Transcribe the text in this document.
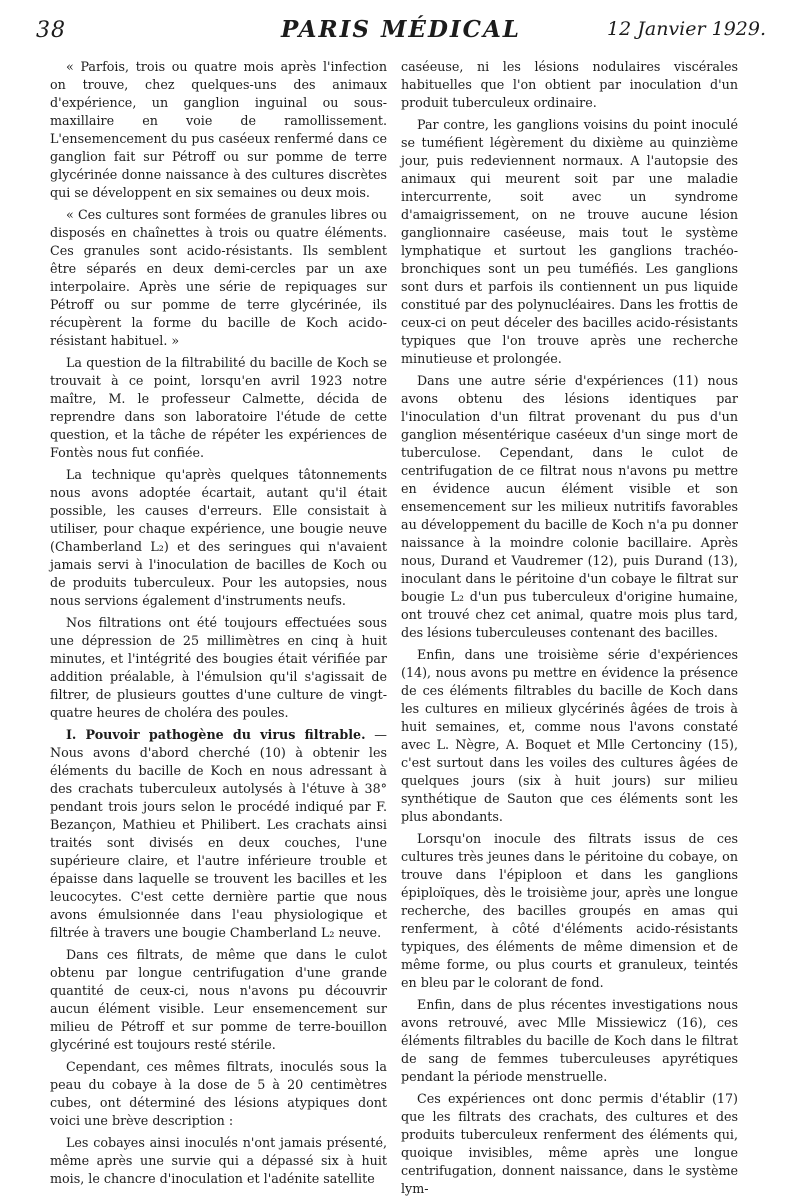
38	PARIS MÉDICAL	12 Janvier 1929.

« Parfois, trois ou quatre mois après l'infection on trouve, chez quelques-uns des animaux d'expérience, un ganglion inguinal ou sous-maxillaire en voie de ramollissement. L'ensemencement du pus caséeux renfermé dans ce ganglion fait sur Pétroff ou sur pomme de terre glycérinée donne naissance à des cultures discrètes qui se développent en six semaines ou deux mois.

« Ces cultures sont formées de granules libres ou disposés en chaînettes à trois ou quatre éléments. Ces granules sont acido-résistants. Ils semblent être séparés en deux demi-cercles par un axe interpolaire. Après une série de repiquages sur Pétroff ou sur pomme de terre glycérinée, ils récupèrent la forme du bacille de Koch acido-résistant habituel. »

La question de la filtrabilité du bacille de Koch se trouvait à ce point, lorsqu'en avril 1923 notre maître, M. le professeur Calmette, décida de reprendre dans son laboratoire l'étude de cette question, et la tâche de répéter les expériences de Fontès nous fut confiée.

La technique qu'après quelques tâtonnements nous avons adoptée écartait, autant qu'il était possible, les causes d'erreurs. Elle consistait à utiliser, pour chaque expérience, une bougie neuve (Chamberland L₂) et des seringues qui n'avaient jamais servi à l'inoculation de bacilles de Koch ou de produits tuberculeux. Pour les autopsies, nous nous servions également d'instruments neufs.

Nos filtrations ont été toujours effectuées sous une dépression de 25 millimètres en cinq à huit minutes, et l'intégrité des bougies était vérifiée par addition préalable, à l'émulsion qu'il s'agissait de filtrer, de plusieurs gouttes d'une culture de vingt-quatre heures de choléra des poules.

I. Pouvoir pathogène du virus filtrable. — Nous avons d'abord cherché (10) à obtenir les éléments du bacille de Koch en nous adressant à des crachats tuberculeux autolysés à l'étuve à 38° pendant trois jours selon le procédé indiqué par F. Bezançon, Mathieu et Philibert. Les crachats ainsi traités sont divisés en deux couches, l'une supérieure claire, et l'autre inférieure trouble et épaisse dans laquelle se trouvent les bacilles et les leucocytes. C'est cette dernière partie que nous avons émulsionnée dans l'eau physiologique et filtrée à travers une bougie Chamberland L₂ neuve.

Dans ces filtrats, de même que dans le culot obtenu par longue centrifugation d'une grande quantité de ceux-ci, nous n'avons pu découvrir aucun élément visible. Leur ensemencement sur milieu de Pétroff et sur pomme de terre-bouillon glycériné est toujours resté stérile.

Cependant, ces mêmes filtrats, inoculés sous la peau du cobaye à la dose de 5 à 20 centimètres cubes, ont déterminé des lésions atypiques dont voici une brève description :

Les cobayes ainsi inoculés n'ont jamais présenté, même après une survie qui a dépassé six à huit mois, le chancre d'inoculation et l'adénite satellite

caséeuse, ni les lésions nodulaires viscérales habituelles que l'on obtient par inoculation d'un produit tuberculeux ordinaire.

Par contre, les ganglions voisins du point inoculé se tuméfient légèrement du dixième au quinzième jour, puis redeviennent normaux. A l'autopsie des animaux qui meurent soit par une maladie intercurrente, soit avec un syndrome d'amaigrissement, on ne trouve aucune lésion ganglionnaire caséeuse, mais tout le système lymphatique et surtout les ganglions trachéo-bronchiques sont un peu tuméfiés. Les ganglions sont durs et parfois ils contiennent un pus liquide constitué par des polynucléaires. Dans les frottis de ceux-ci on peut déceler des bacilles acido-résistants typiques que l'on trouve après une recherche minutieuse et prolongée.

Dans une autre série d'expériences (11) nous avons obtenu des lésions identiques par l'inoculation d'un filtrat provenant du pus d'un ganglion mésentérique caséeux d'un singe mort de tuberculose. Cependant, dans le culot de centrifugation de ce filtrat nous n'avons pu mettre en évidence aucun élément visible et son ensemencement sur les milieux nutritifs favorables au développement du bacille de Koch n'a pu donner naissance à la moindre colonie bacillaire. Après nous, Durand et Vaudremer (12), puis Durand (13), inoculant dans le péritoine d'un cobaye le filtrat sur bougie L₂ d'un pus tuberculeux d'origine humaine, ont trouvé chez cet animal, quatre mois plus tard, des lésions tuberculeuses contenant des bacilles.

Enfin, dans une troisième série d'expériences (14), nous avons pu mettre en évidence la présence de ces éléments filtrables du bacille de Koch dans les cultures en milieux glycérinés âgées de trois à huit semaines, et, comme nous l'avons constaté avec L. Nègre, A. Boquet et Mlle Certonciny (15), c'est surtout dans les voiles des cultures âgées de quelques jours (six à huit jours) sur milieu synthétique de Sauton que ces éléments sont les plus abondants.

Lorsqu'on inocule des filtrats issus de ces cultures très jeunes dans le péritoine du cobaye, on trouve dans l'épiploon et dans les ganglions épiploïques, dès le troisième jour, après une longue recherche, des bacilles groupés en amas qui renferment, à côté d'éléments acido-résistants typiques, des éléments de même dimension et de même forme, ou plus courts et granuleux, teintés en bleu par le colorant de fond.

Enfin, dans de plus récentes investigations nous avons retrouvé, avec Mlle Missiewicz (16), ces éléments filtrables du bacille de Koch dans le filtrat de sang de femmes tuberculeuses apyrétiques pendant la période menstruelle.

Ces expériences ont donc permis d'établir (17) que les filtrats des crachats, des cultures et des produits tuberculeux renferment des éléments qui, quoique invisibles, même après une longue centrifugation, donnent naissance, dans le système lym-
